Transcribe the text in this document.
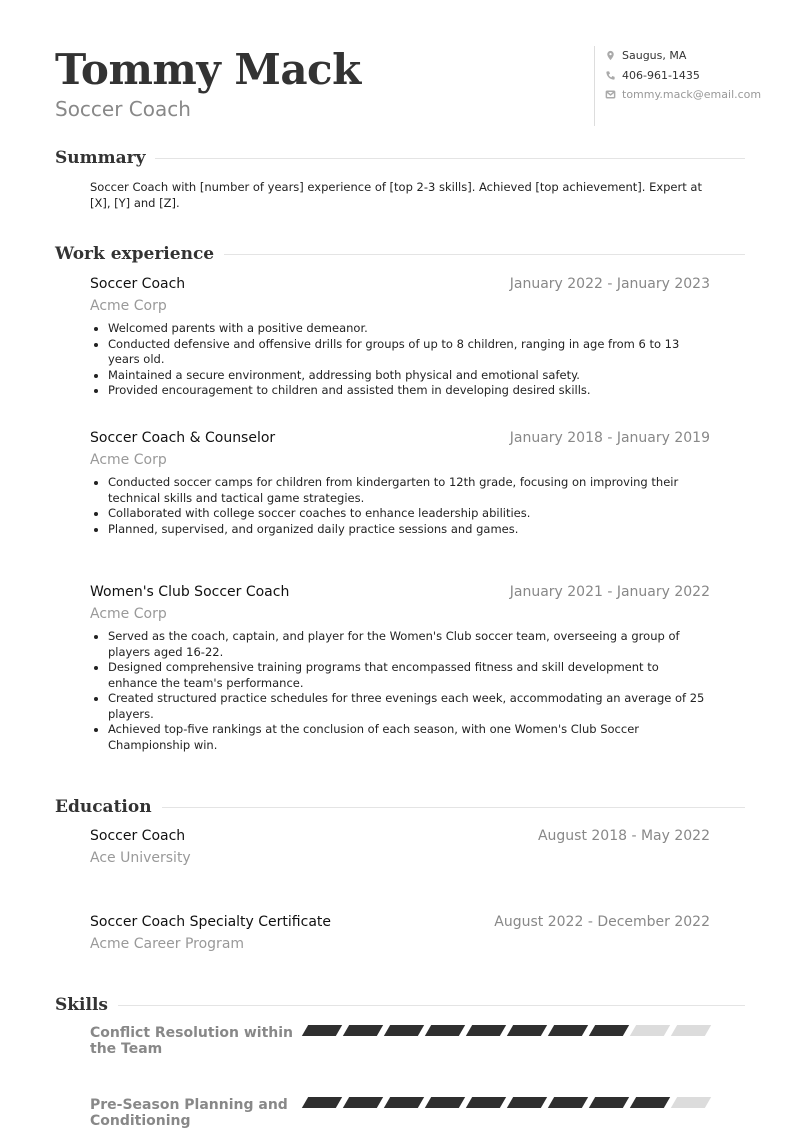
Tommy Mack
Soccer Coach
Saugus, MA
406-961-1435
tommy.mack@email.com
Summary

Soccer Coach with [number of years] experience of [top 2-3 skills]. Achieved [top achievement]. Expert at [X], [Y] and [Z].

Work experience
Soccer Coach	January 2022 - January 2023
Acme Corp
• Welcomed parents with a positive demeanor.
• Conducted defensive and offensive drills for groups of up to 8 children, ranging in age from 6 to 13 years old.
• Maintained a secure environment, addressing both physical and emotional safety.
• Provided encouragement to children and assisted them in developing desired skills.
Soccer Coach & Counselor	January 2018 - January 2019
Acme Corp
• Conducted soccer camps for children from kindergarten to 12th grade, focusing on improving their technical skills and tactical game strategies.
• Collaborated with college soccer coaches to enhance leadership abilities.
• Planned, supervised, and organized daily practice sessions and games.
Women's Club Soccer Coach	January 2021 - January 2022
Acme Corp
• Served as the coach, captain, and player for the Women's Club soccer team, overseeing a group of players aged 16-22.
• Designed comprehensive training programs that encompassed fitness and skill development to enhance the team's performance.
• Created structured practice schedules for three evenings each week, accommodating an average of 25 players.
• Achieved top-five rankings at the conclusion of each season, with one Women's Club Soccer Championship win.
Education
Soccer Coach	August 2018 - May 2022
Ace University
Soccer Coach Specialty Certificate	August 2022 - December 2022
Acme Career Program
Skills
Conflict Resolution within the Team
Pre-Season Planning and Conditioning
